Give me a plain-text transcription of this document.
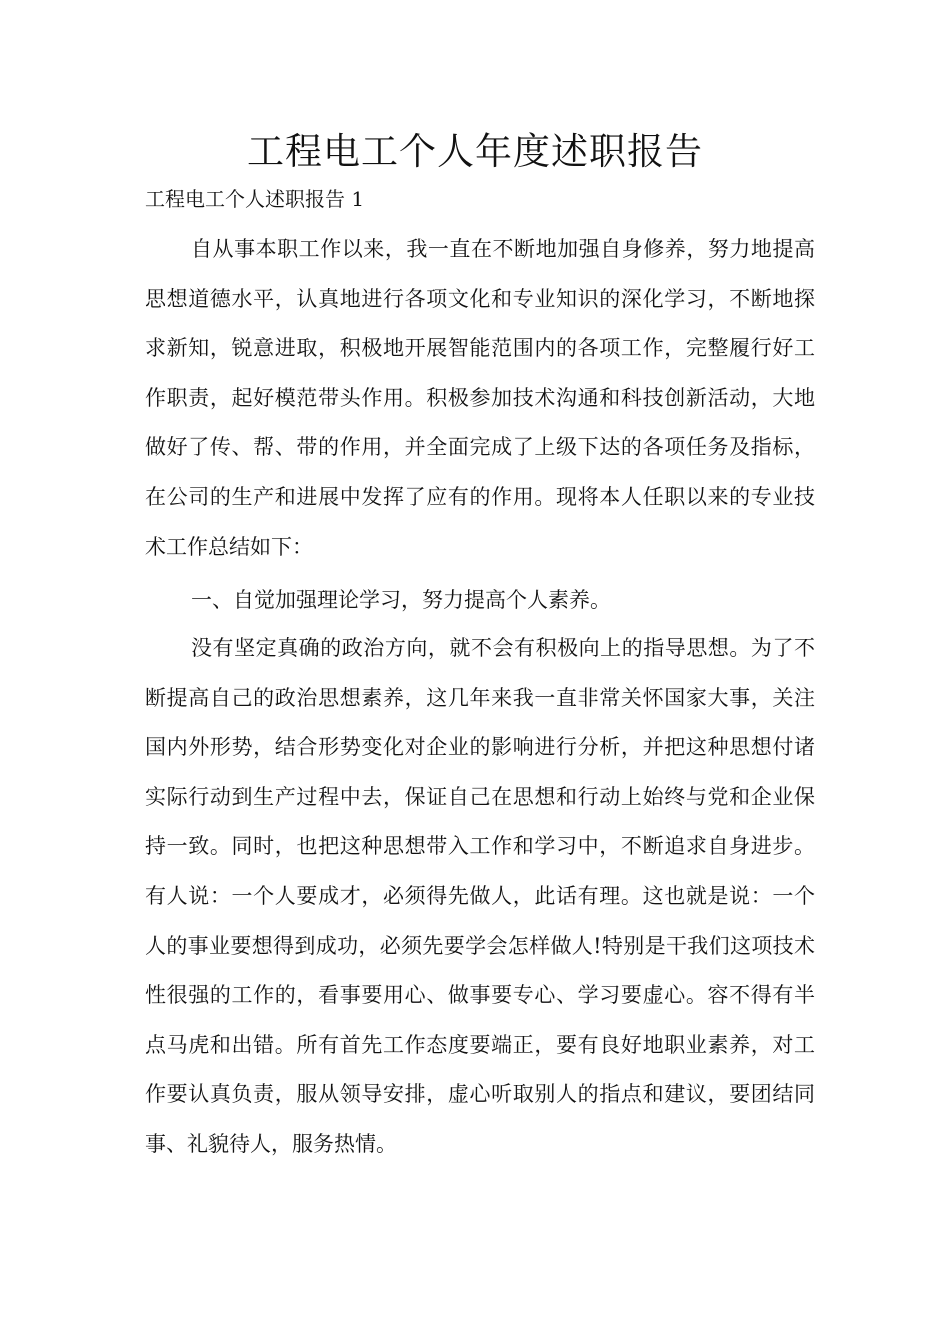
工程电工个人年度述职报告

工程电工个人述职报告 1

自从事本职工作以来，我一直在不断地加强自身修养，努力地提高思想道德水平，认真地进行各项文化和专业知识的深化学习，不断地探求新知，锐意进取，积极地开展智能范围内的各项工作，完整履行好工作职责，起好模范带头作用。积极参加技术沟通和科技创新活动，大地做好了传、帮、带的作用，并全面完成了上级下达的各项任务及指标，在公司的生产和进展中发挥了应有的作用。现将本人任职以来的专业技术工作总结如下：

一、自觉加强理论学习，努力提高个人素养。

没有坚定真确的政治方向，就不会有积极向上的指导思想。为了不断提高自己的政治思想素养，这几年来我一直非常关怀国家大事，关注国内外形势，结合形势变化对企业的影响进行分析，并把这种思想付诸实际行动到生产过程中去，保证自己在思想和行动上始终与党和企业保持一致。同时，也把这种思想带入工作和学习中，不断追求自身进步。有人说：一个人要成才，必须得先做人，此话有理。这也就是说：一个人的事业要想得到成功，必须先要学会怎样做人!特别是干我们这项技术性很强的工作的，看事要用心、做事要专心、学习要虚心。容不得有半点马虎和出错。所有首先工作态度要端正，要有良好地职业素养，对工作要认真负责，服从领导安排，虚心听取别人的指点和建议，要团结同事、礼貌待人，服务热情。
